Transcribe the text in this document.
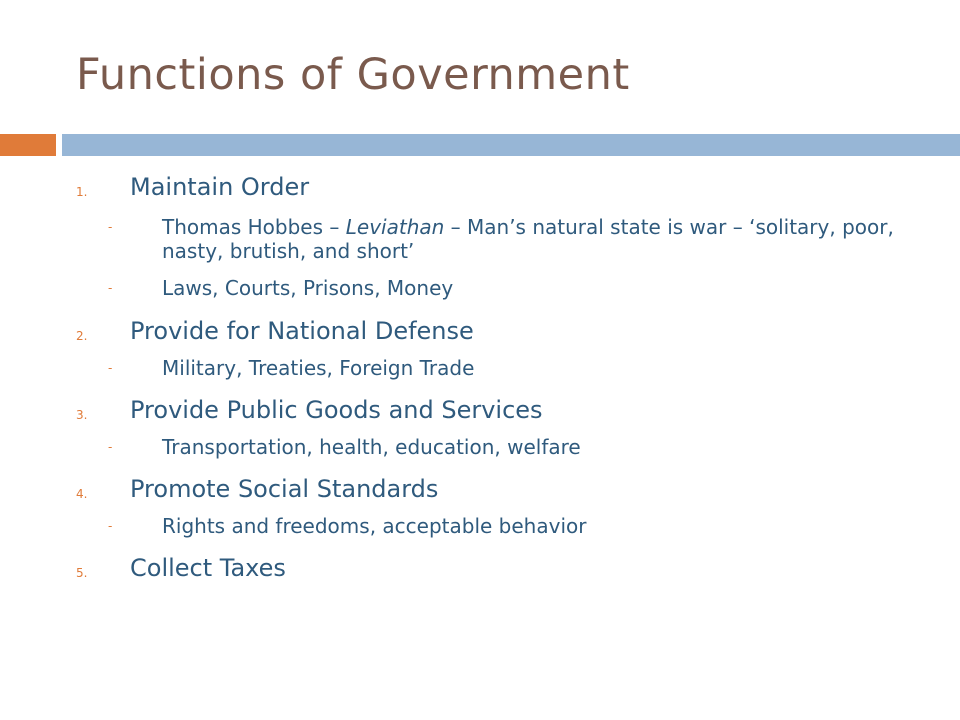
Functions of Government
1.	Maintain Order

-	Thomas Hobbes – Leviathan – Man’s natural state is war – ‘solitary, poor, nasty, brutish, and short’

-	Laws, Courts, Prisons, Money

2.	Provide for National Defense

-	Military, Treaties, Foreign Trade

3.	Provide Public Goods and Services

-	Transportation, health, education, welfare

4.	Promote Social Standards

-	Rights and freedoms, acceptable behavior

5.	Collect Taxes
